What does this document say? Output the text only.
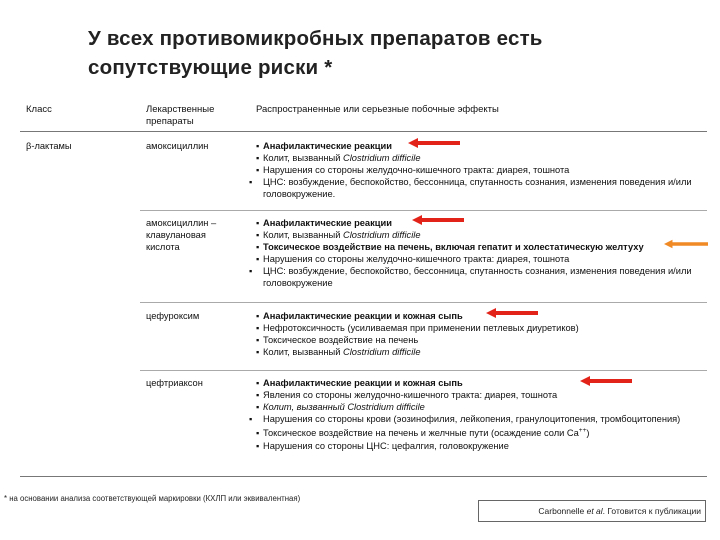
У всех противомикробных препаратов есть
сопутствующие риски *
Класс	Лекарственные
препараты
Распространенные или серьезные побочные эффекты
β-лактамы	амоксициллин	▪ Анафилактические реакции
▪ Колит, вызванный Clostridium difficile
▪ Нарушения со стороны желудочно-кишечного тракта: диарея, тошнота
▪ ЦНС: возбуждение, беспокойство, бессонница, спутанность сознания, изменения поведения и/или головокружение.
амоксициллин –
клавулановая
кислота
▪ Анафилактические реакции
▪ Колит, вызванный Clostridium difficile
▪ Токсическое воздействие на печень, включая гепатит и холестатическую желтуху
▪ Нарушения со стороны желудочно-кишечного тракта: диарея, тошнота
▪ ЦНС: возбуждение, беспокойство, бессонница, спутанность сознания, изменения поведения и/или головокружение
цефуроксим	▪ Анафилактические реакции и кожная сыпь
▪ Нефротоксичность (усиливаемая при применении петлевых диуретиков)
▪ Токсическое воздействие на печень
▪ Колит, вызванный Clostridium difficile
цефтриаксон	▪ Анафилактические реакции и кожная сыпь
▪ Явления со стороны желудочно-кишечного тракта: диарея, тошнота
▪ Колит, вызванный Clostridium difficile
▪ Нарушения со стороны крови (эозинофилия, лейкопения, гранулоцитопения, тромбоцитопения)
▪ Токсическое воздействие на печень и желчные пути (осаждение соли Ca++)
▪ Нарушения со стороны ЦНС: цефалгия, головокружение
* на основании анализа соответствующей маркировки (КХЛП или эквивалентная)
Carbonnelle et al. Готовится к публикации
